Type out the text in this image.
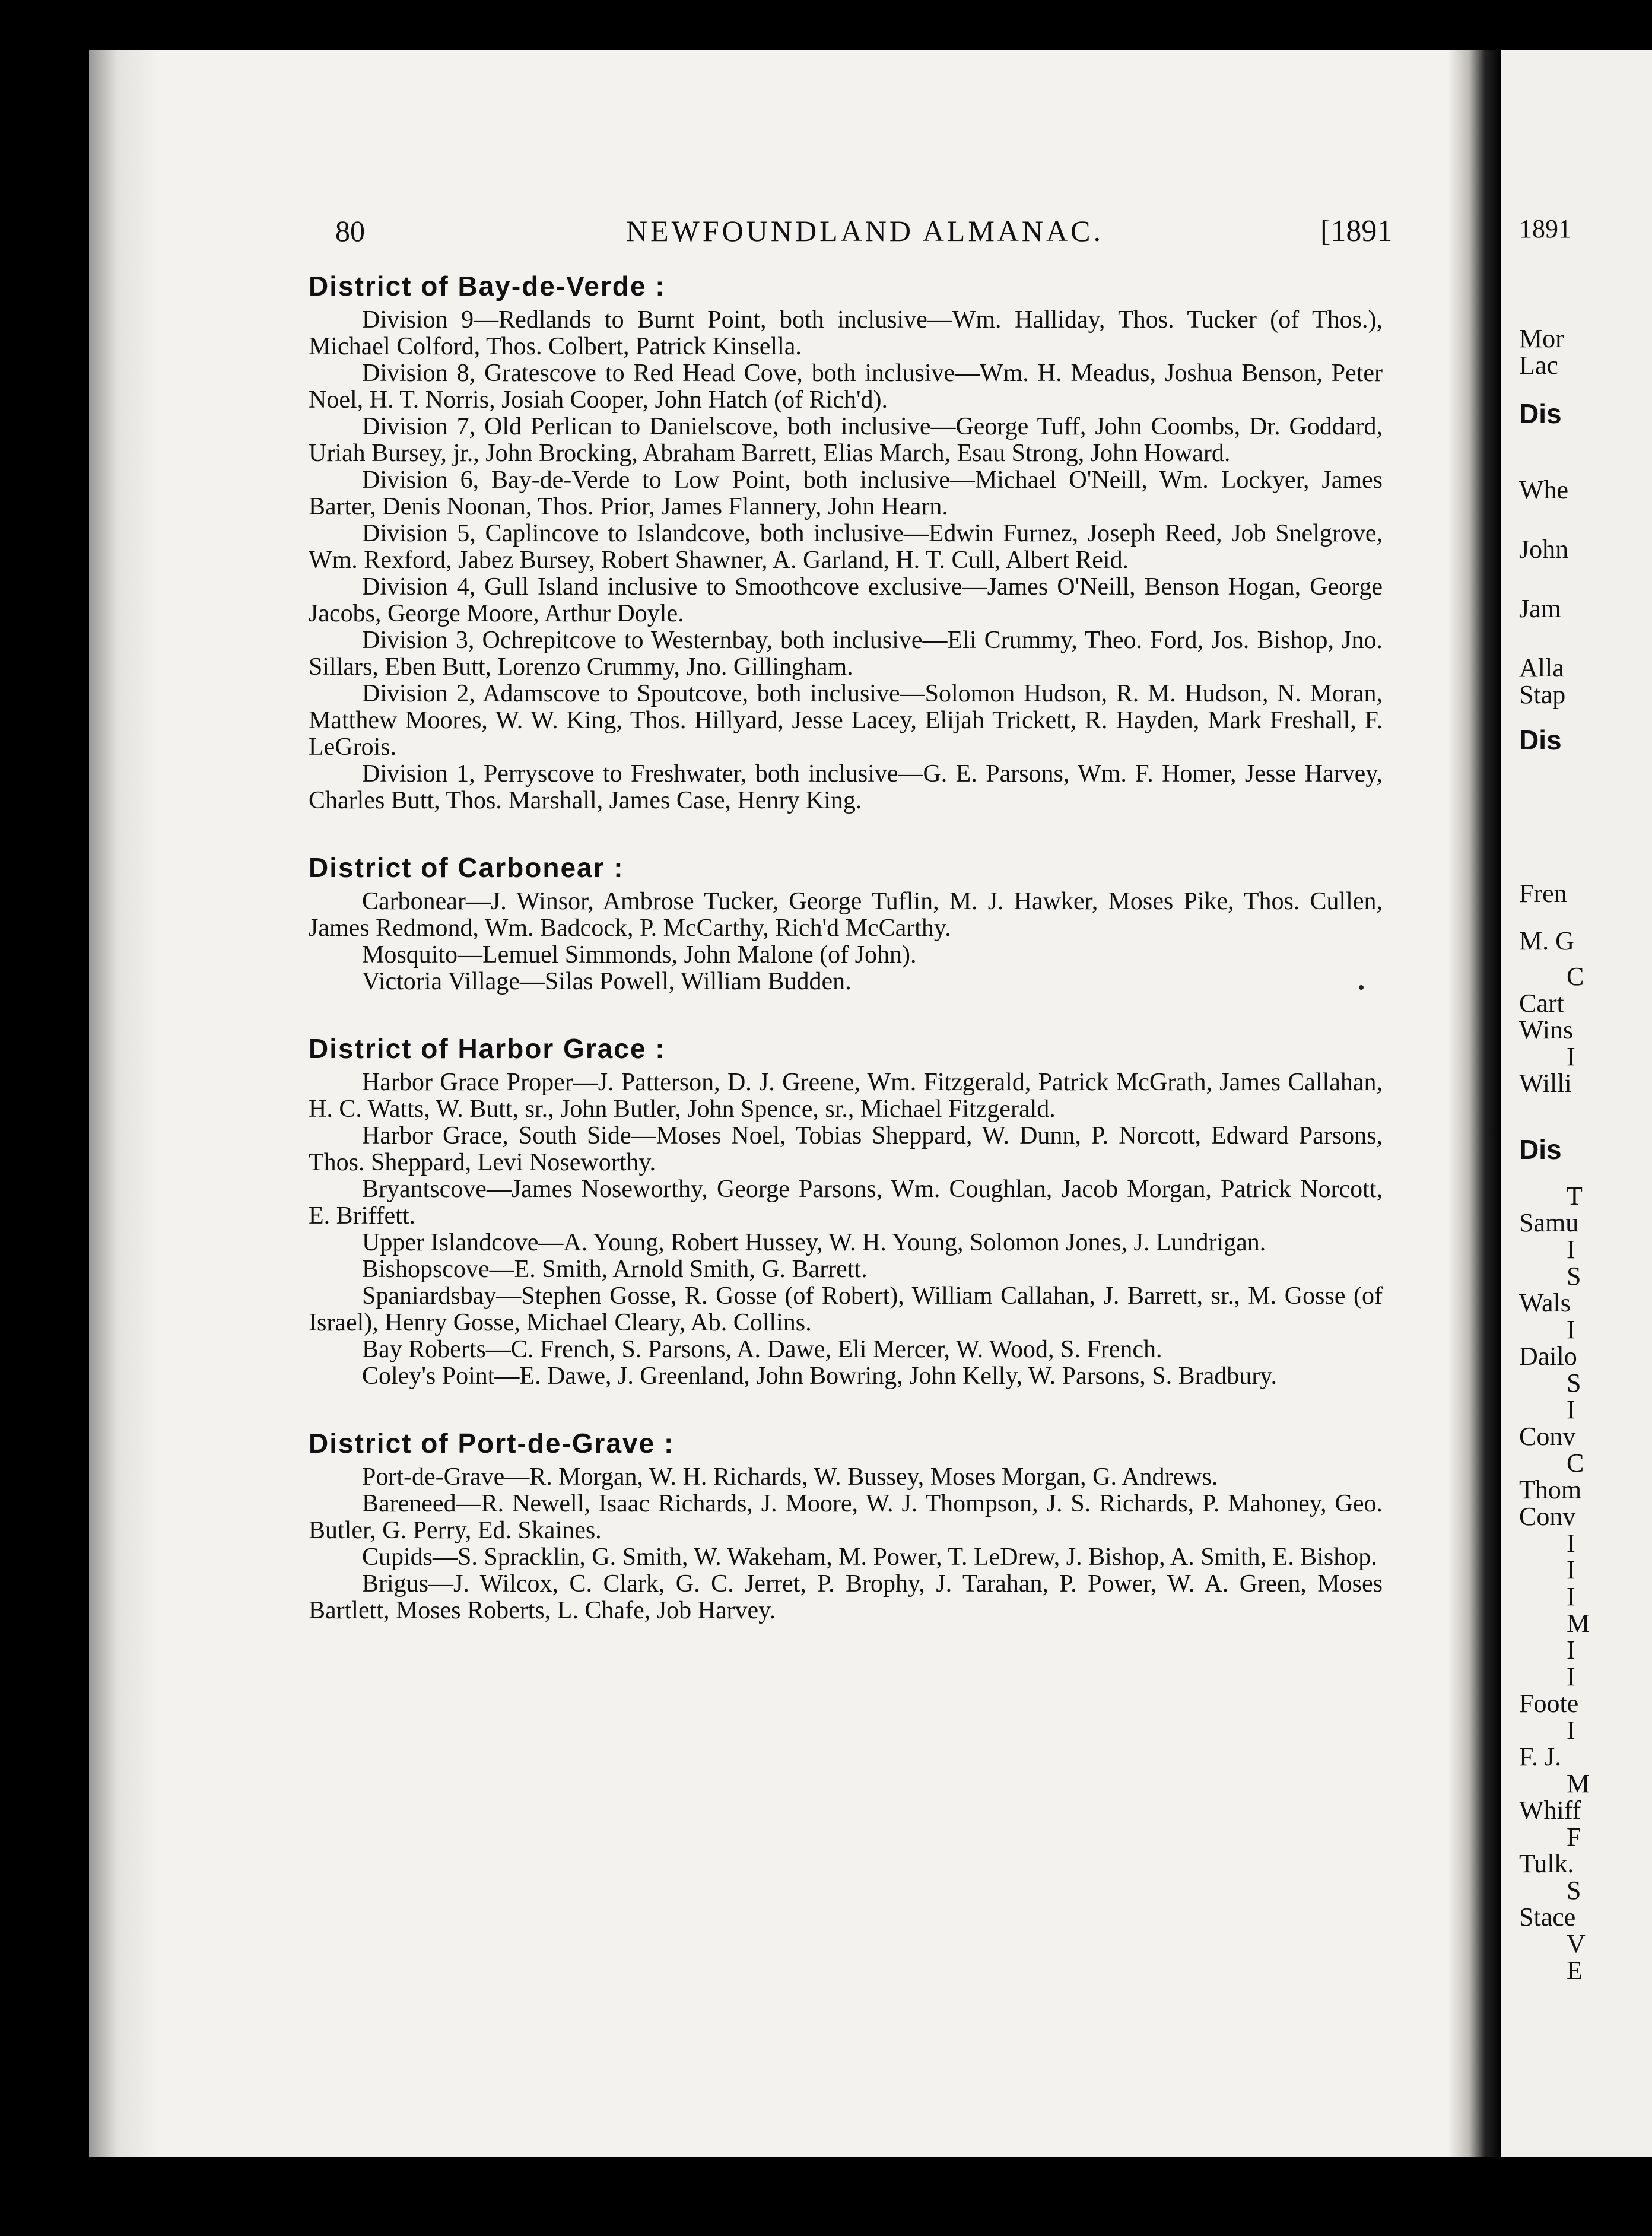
80	NEWFOUNDLAND ALMANAC.	[1891
District of Bay-de-Verde :

Division 9—Redlands to Burnt Point, both inclusive—Wm. Halliday, Thos. Tucker (of Thos.), Michael Colford, Thos. Colbert, Patrick Kinsella.

Division 8, Gratescove to Red Head Cove, both inclusive—Wm. H. Meadus, Joshua Benson, Peter Noel, H. T. Norris, Josiah Cooper, John Hatch (of Rich'd).

Division 7, Old Perlican to Danielscove, both inclusive—George Tuff, John Coombs, Dr. Goddard, Uriah Bursey, jr., John Brocking, Abraham Barrett, Elias March, Esau Strong, John Howard.

Division 6, Bay-de-Verde to Low Point, both inclusive—Michael O'Neill, Wm. Lockyer, James Barter, Denis Noonan, Thos. Prior, James Flannery, John Hearn.

Division 5, Caplincove to Islandcove, both inclusive—Edwin Furnez, Joseph Reed, Job Snelgrove, Wm. Rexford, Jabez Bursey, Robert Shawner, A. Garland, H. T. Cull, Albert Reid.

Division 4, Gull Island inclusive to Smoothcove exclusive—James O'Neill, Benson Hogan, George Jacobs, George Moore, Arthur Doyle.

Division 3, Ochrepitcove to Westernbay, both inclusive—Eli Crummy, Theo. Ford, Jos. Bishop, Jno. Sillars, Eben Butt, Lorenzo Crummy, Jno. Gillingham.

Division 2, Adamscove to Spoutcove, both inclusive—Solomon Hudson, R. M. Hudson, N. Moran, Matthew Moores, W. W. King, Thos. Hillyard, Jesse Lacey, Elijah Trickett, R. Hayden, Mark Freshall, F. LeGrois.

Division 1, Perryscove to Freshwater, both inclusive—G. E. Parsons, Wm. F. Homer, Jesse Harvey, Charles Butt, Thos. Marshall, James Case, Henry King.

District of Carbonear :

Carbonear—J. Winsor, Ambrose Tucker, George Tuflin, M. J. Hawker, Moses Pike, Thos. Cullen, James Redmond, Wm. Badcock, P. McCarthy, Rich'd McCarthy.

Mosquito—Lemuel Simmonds, John Malone (of John).

Victoria Village—Silas Powell, William Budden.

District of Harbor Grace :

Harbor Grace Proper—J. Patterson, D. J. Greene, Wm. Fitzgerald, Patrick McGrath, James Callahan, H. C. Watts, W. Butt, sr., John Butler, John Spence, sr., Michael Fitzgerald.

Harbor Grace, South Side—Moses Noel, Tobias Sheppard, W. Dunn, P. Norcott, Edward Parsons, Thos. Sheppard, Levi Noseworthy.

Bryantscove—James Noseworthy, George Parsons, Wm. Coughlan, Jacob Morgan, Patrick Norcott, E. Briffett.

Upper Islandcove—A. Young, Robert Hussey, W. H. Young, Solomon Jones, J. Lundrigan.

Bishopscove—E. Smith, Arnold Smith, G. Barrett.

Spaniardsbay—Stephen Gosse, R. Gosse (of Robert), William Callahan, J. Barrett, sr., M. Gosse (of Israel), Henry Gosse, Michael Cleary, Ab. Collins.

Bay Roberts—C. French, S. Parsons, A. Dawe, Eli Mercer, W. Wood, S. French.

Coley's Point—E. Dawe, J. Greenland, John Bowring, John Kelly, W. Parsons, S. Bradbury.

District of Port-de-Grave :

Port-de-Grave—R. Morgan, W. H. Richards, W. Bussey, Moses Morgan, G. Andrews.

Bareneed—R. Newell, Isaac Richards, J. Moore, W. J. Thompson, J. S. Richards, P. Mahoney, Geo. Butler, G. Perry, Ed. Skaines.

Cupids—S. Spracklin, G. Smith, W. Wakeham, M. Power, T. LeDrew, J. Bishop, A. Smith, E. Bishop.

Brigus—J. Wilcox, C. Clark, G. C. Jerret, P. Brophy, J. Tarahan, P. Power, W. A. Green, Moses Bartlett, Moses Roberts, L. Chafe, Job Harvey.

1891
Mor
Lac
Dis
Whe
John
Jam
Alla
Stap
Dis
Fren
M. G
C
Cart
Wins
I
Willi
Dis
T
Samu
I
S
Wals
I
Dailo
S
I
Conv
C
Thom
Conv
I
I
I
M
I
I
Foote
I
F. J.
M
Whiff
F
Tulk.
S
Stace
V
E
